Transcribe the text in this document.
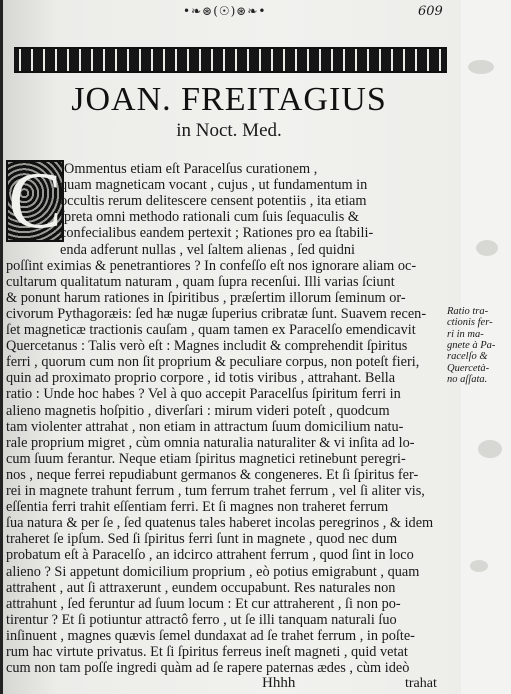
•❧⊛(☉)⊛❧•	609
JOAN. FREITAGIUS
in Noct. Med.
C Ommentus etiam eſt Paracelſus curationem ,
quam magneticam vocant , cujus , ut fundamentum in
occultis rerum delitescere censent potentiis , ita etiam
ſpreta omni methodo rationali cum ſuis ſequaculis &
confecialibus eandem pertexit ; Rationes pro ea ſtabili-
enda adferunt nullas , vel ſaltem alienas , ſed quidni
poſſint eximias & penetrantiores ? In confeſſo eſt nos ignorare aliam oc-
cultarum qualitatum naturam , quam ſupra recenſui. Illi varias ſciunt
& ponunt harum rationes in ſpiritibus , præſertim illorum ſeminum or-
civorum Pythagoræis: ſed hæ nugæ ſuperius cribratæ ſunt. Suavem recen-
ſet magneticæ tractionis cauſam , quam tamen ex Paracelſo emendicavit
Quercetanus : Talis verò eſt : Magnes includit & comprehendit ſpiritus
ferri , quorum cum non ſit proprium & peculiare corpus, non poteſt fieri,
quin ad proximato proprio corpore , id totis viribus , attrahant. Bella
ratio : Unde hoc habes ? Vel à quo accepit Paracelſus ſpiritum ferri in
alieno magnetis hoſpitio , diverſari : mirum videri poteſt , quodcum
tam violenter attrahat , non etiam in attractum ſuum domicilium natu-
rale proprium migret , cùm omnia naturalia naturaliter & vi inſita ad lo-
cum ſuum ferantur. Neque etiam ſpiritus magnetici retinebunt peregri-
nos , neque ferrei repudiabunt germanos & congeneres. Et ſi ſpiritus fer-
rei in magnete trahunt ferrum , tum ferrum trahet ferrum , vel ſi aliter vis,
eſſentia ferri trahit eſſentiam ferri. Et ſi magnes non traheret ferrum
ſua natura & per ſe , ſed quatenus tales haberet incolas peregrinos , & idem
traheret ſe ipſum. Sed ſi ſpiritus ferri ſunt in magnete , quod nec dum
probatum eſt à Paracelſo , an idcirco attrahent ferrum , quod ſint in loco
alieno ? Si appetunt domicilium proprium , eò potius emigrabunt , quam
attrahent , aut ſi attraxerunt , eundem occupabunt. Res naturales non
attrahunt , ſed feruntur ad ſuum locum : Et cur attraherent , ſi non po-
tirentur ? Et ſi potiuntur attractô ferro , ut ſe illi tanquam naturali ſuo
inſinuent , magnes quævis ſemel dundaxat ad ſe trahet ferrum , in poſte-
rum hac virtute privatus. Et ſi ſpiritus ferreus ineſt magneti , quid vetat
cum non tam poſſe ingredi quàm ad ſe rapere paternas ædes , cùm ideò
Ratio tra-
ctionis fer-
ri in ma-
gnete à Pa-
racelſo &
Quercetà-
no aſſata.
Hhhh	trahat
